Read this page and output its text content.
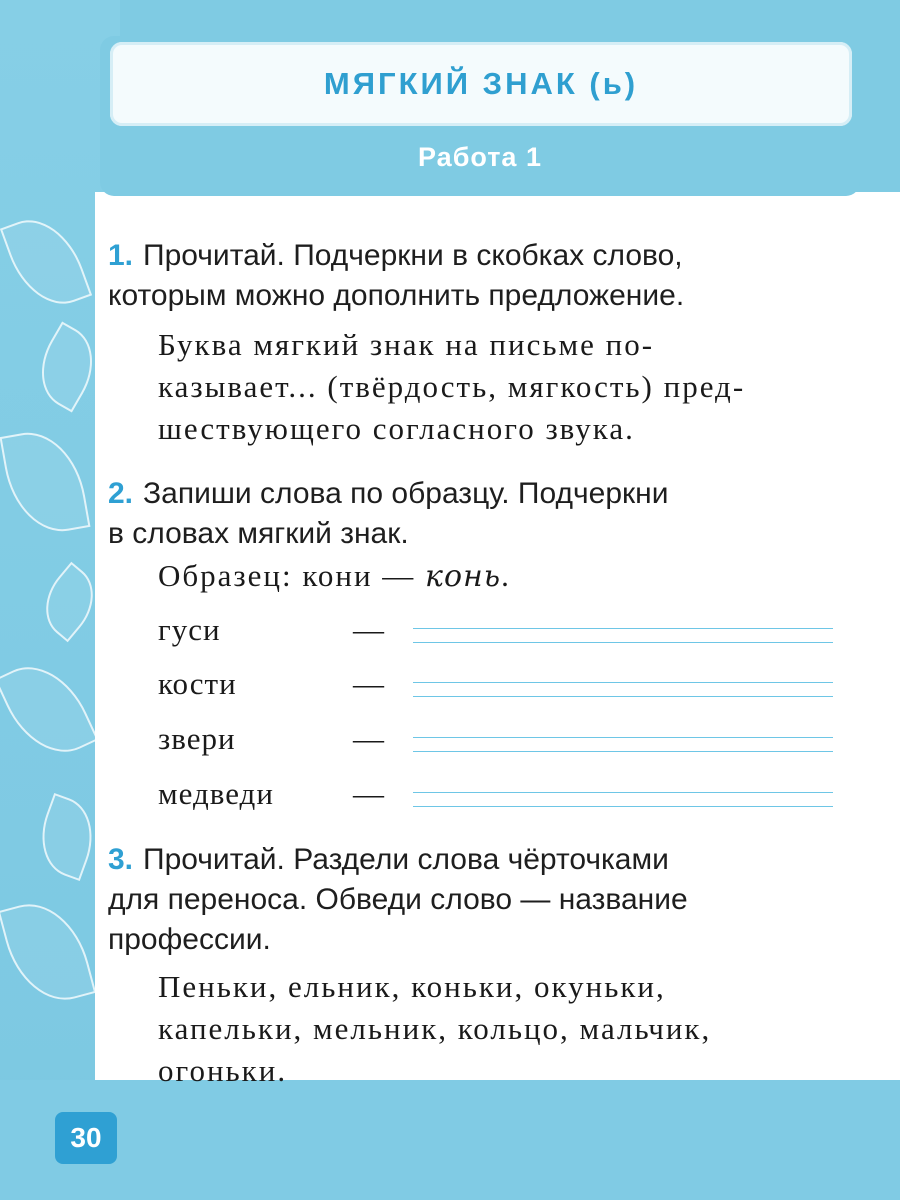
МЯГКИЙ ЗНАК (ь)
Работа 1
1. Прочитай. Подчеркни в скобках слово,
которым можно дополнить предложение.
Буква мягкий знак на письме по-
казывает... (твёрдость, мягкость) пред-
шествующего согласного звука.
2. Запиши слова по образцу. Подчеркни
в словах мягкий знак.
Образец: кони — конь.
гуси	—
кости	—
звери	—
медведи	—
3. Прочитай. Раздели слова чёрточками
для переноса. Обведи слово — название
профессии.
Пеньки, ельник, коньки, окуньки,
капельки, мельник, кольцо, мальчик,
огоньки.
30
